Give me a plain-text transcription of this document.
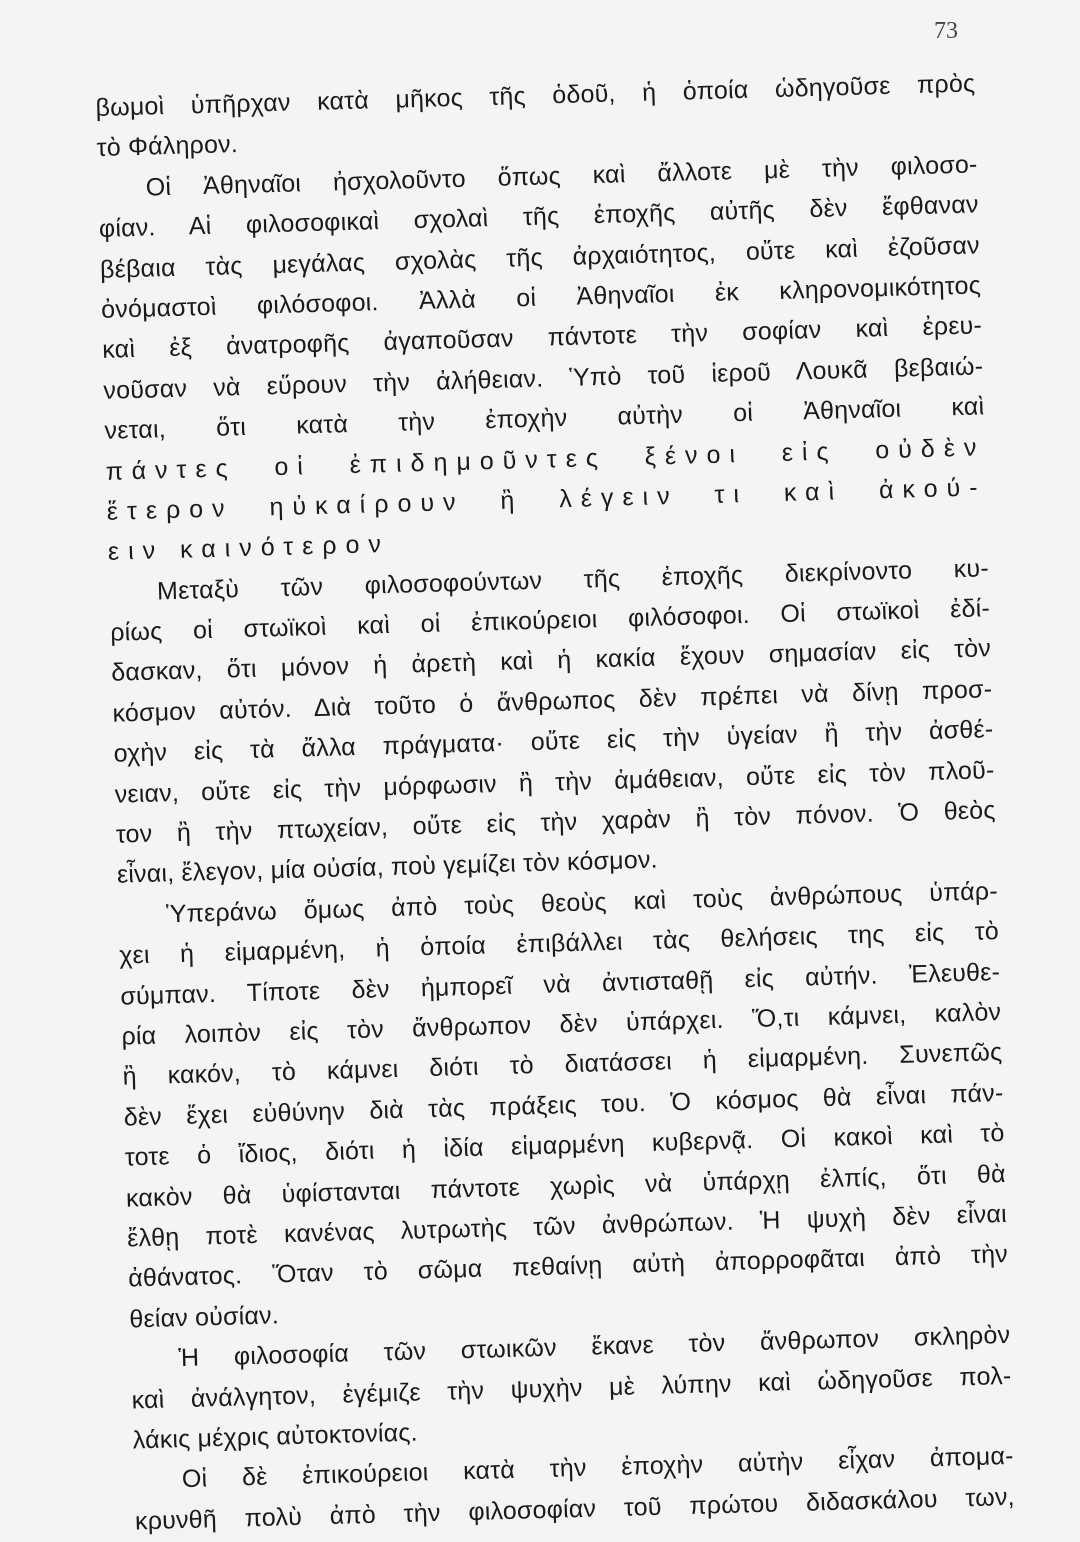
73
βωμοὶ ὑπῆρχαν κατὰ μῆκος τῆς ὁδοῦ, ἡ ὁποία ὡδηγοῦσε πρὸς
τὸ Φάληρον.
Οἱ Ἀθηναῖοι ἠσχολοῦντο ὅπως καὶ ἄλλοτε μὲ τὴν φιλοσο-
φίαν. Αἱ φιλοσοφικαὶ σχολαὶ τῆς ἐποχῆς αὐτῆς δὲν ἔφθαναν
βέβαια τὰς μεγάλας σχολὰς τῆς ἀρχαιότητος, οὔτε καὶ ἐζοῦσαν
ὀνόμαστοὶ φιλόσοφοι. Ἀλλὰ οἱ Ἀθηναῖοι ἐκ κληρονομικότητος
καὶ ἐξ ἀνατροφῆς ἀγαποῦσαν πάντοτε τὴν σοφίαν καὶ ἐρευ-
νοῦσαν νὰ εὕρουν τὴν ἀλήθειαν. Ὑπὸ τοῦ ἱεροῦ Λουκᾶ βεβαιώ-
νεται, ὅτι κατὰ τὴν ἐποχὴν αὐτὴν οἱ Ἀθηναῖοι καὶ
πάντες οἱ ἐπιδημοῦντες ξένοι εἰς οὐδὲν
ἕτερον ηὐκαίρουν ἢ λέγειν τι καὶ ἀκού-
ειν καινότερον
Μεταξὺ τῶν φιλοσοφούντων τῆς ἐποχῆς διεκρίνοντο κυ-
ρίως οἱ στωϊκοὶ καὶ οἱ ἐπικούρειοι φιλόσοφοι. Οἱ στωϊκοὶ ἐδί-
δασκαν, ὅτι μόνον ἡ ἀρετὴ καὶ ἡ κακία ἔχουν σημασίαν εἰς τὸν
κόσμον αὐτόν. Διὰ τοῦτο ὁ ἄνθρωπος δὲν πρέπει νὰ δίνῃ προσ-
οχὴν εἰς τὰ ἄλλα πράγματα· οὔτε εἰς τὴν ὑγείαν ἢ τὴν ἀσθέ-
νειαν, οὔτε εἰς τὴν μόρφωσιν ἢ τὴν ἀμάθειαν, οὔτε εἰς τὸν πλοῦ-
τον ἢ τὴν πτωχείαν, οὔτε εἰς τὴν χαρὰν ἢ τὸν πόνον. Ὁ θεὸς
εἶναι, ἔλεγον, μία οὐσία, ποὺ γεμίζει τὸν κόσμον.
Ὑπεράνω ὅμως ἀπὸ τοὺς θεοὺς καὶ τοὺς ἀνθρώπους ὑπάρ-
χει ἡ εἱμαρμένη, ἡ ὁποία ἐπιβάλλει τὰς θελήσεις της εἰς τὸ
σύμπαν. Τίποτε δὲν ἠμπορεῖ νὰ ἀντισταθῇ εἰς αὐτήν. Ἐλευθε-
ρία λοιπὸν εἰς τὸν ἄνθρωπον δὲν ὑπάρχει. Ὅ,τι κάμνει, καλὸν
ἢ κακόν, τὸ κάμνει διότι τὸ διατάσσει ἡ εἱμαρμένη. Συνεπῶς
δὲν ἔχει εὐθύνην διὰ τὰς πράξεις του. Ὁ κόσμος θὰ εἶναι πάν-
τοτε ὁ ἴδιος, διότι ἡ ἰδία εἱμαρμένη κυβερνᾷ. Οἱ κακοὶ καὶ τὸ
κακὸν θὰ ὑφίστανται πάντοτε χωρὶς νὰ ὑπάρχῃ ἐλπίς, ὅτι θὰ
ἔλθῃ ποτὲ κανένας λυτρωτὴς τῶν ἀνθρώπων. Ἡ ψυχὴ δὲν εἶναι
ἀθάνατος. Ὅταν τὸ σῶμα πεθαίνῃ αὐτὴ ἀπορροφᾶται ἀπὸ τὴν
θείαν οὐσίαν.
Ἡ φιλοσοφία τῶν στωικῶν ἔκανε τὸν ἄνθρωπον σκληρὸν
καὶ ἀνάλγητον, ἐγέμιζε τὴν ψυχὴν μὲ λύπην καὶ ὡδηγοῦσε πολ-
λάκις μέχρις αὐτοκτονίας.
Οἱ δὲ ἐπικούρειοι κατὰ τὴν ἐποχὴν αὐτὴν εἶχαν ἀπομα-
κρυνθῆ πολὺ ἀπὸ τὴν φιλοσοφίαν τοῦ πρώτου διδασκάλου των,
